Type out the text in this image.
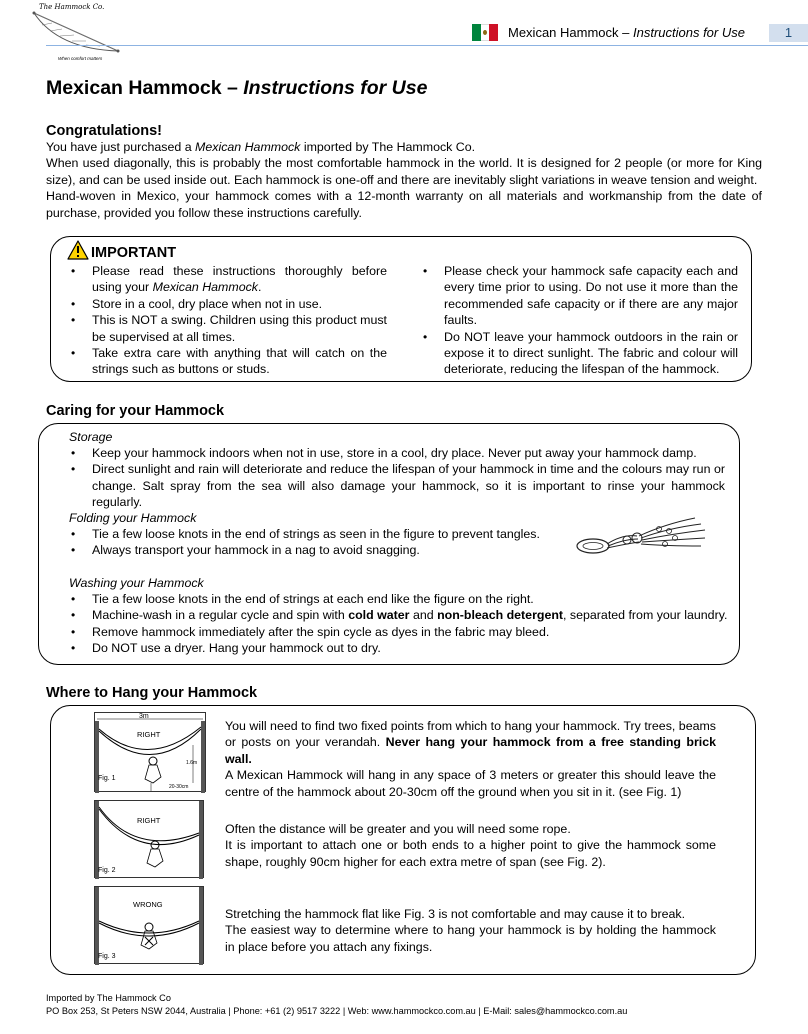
The Hammock Co.
When comfort matters
Mexican Hammock – Instructions for Use	1
Mexican Hammock – Instructions for Use
Congratulations!
You have just purchased a Mexican Hammock imported by The Hammock Co.
When used diagonally, this is probably the most comfortable hammock in the world. It is designed for 2 people (or more for King size), and can be used inside out. Each hammock is one-off and there are inevitably slight variations in weave tension and weight.
Hand-woven in Mexico, your hammock comes with a 12-month warranty on all materials and workmanship from the date of purchase, provided you follow these instructions carefully.
IMPORTANT
• Please read these instructions thoroughly before using your Mexican Hammock.
• Store in a cool, dry place when not in use.
• This is NOT a swing. Children using this product must be supervised at all times.
• Take extra care with anything that will catch on the strings such as buttons or studs.
• Please check your hammock safe capacity each and every time prior to using. Do not use it more than the recommended safe capacity or if there are any major faults.
• Do NOT leave your hammock outdoors in the rain or expose it to direct sunlight. The fabric and colour will deteriorate, reducing the lifespan of the hammock.
Caring for your Hammock
Storage
• Keep your hammock indoors when not in use, store in a cool, dry place. Never put away your hammock damp.
• Direct sunlight and rain will deteriorate and reduce the lifespan of your hammock in time and the colours may run or change. Salt spray from the sea will also damage your hammock, so it is important to rinse your hammock regularly.
Folding your Hammock
• Tie a few loose knots in the end of strings as seen in the figure to prevent tangles.
• Always transport your hammock in a nag to avoid snagging.
Washing your Hammock
• Tie a few loose knots in the end of strings at each end like the figure on the right.
• Machine-wash in a regular cycle and spin with cold water and non-bleach detergent, separated from your laundry.
• Remove hammock immediately after the spin cycle as dyes in the fabric may bleed.
• Do NOT use a dryer. Hang your hammock out to dry.
Where to Hang your Hammock
3m
RIGHT
1.6m
20-30cm
Fig. 1
RIGHT
Fig. 2
WRONG
Fig. 3
You will need to find two fixed points from which to hang your hammock. Try trees, beams or posts on your verandah. Never hang your hammock from a free standing brick wall.
A Mexican Hammock will hang in any space of 3 meters or greater this should leave the centre of the hammock about 20-30cm off the ground when you sit in it. (see Fig. 1)
Often the distance will be greater and you will need some rope.
It is important to attach one or both ends to a higher point to give the hammock some shape, roughly 90cm higher for each extra metre of span (see Fig. 2).
Stretching the hammock flat like Fig. 3 is not comfortable and may cause it to break.
The easiest way to determine where to hang your hammock is by holding the hammock in place before you attach any fixings.
Imported by The Hammock Co
PO Box 253, St Peters NSW 2044, Australia | Phone: +61 (2) 9517 3222 | Web: www.hammockco.com.au | E-Mail: sales@hammockco.com.au
